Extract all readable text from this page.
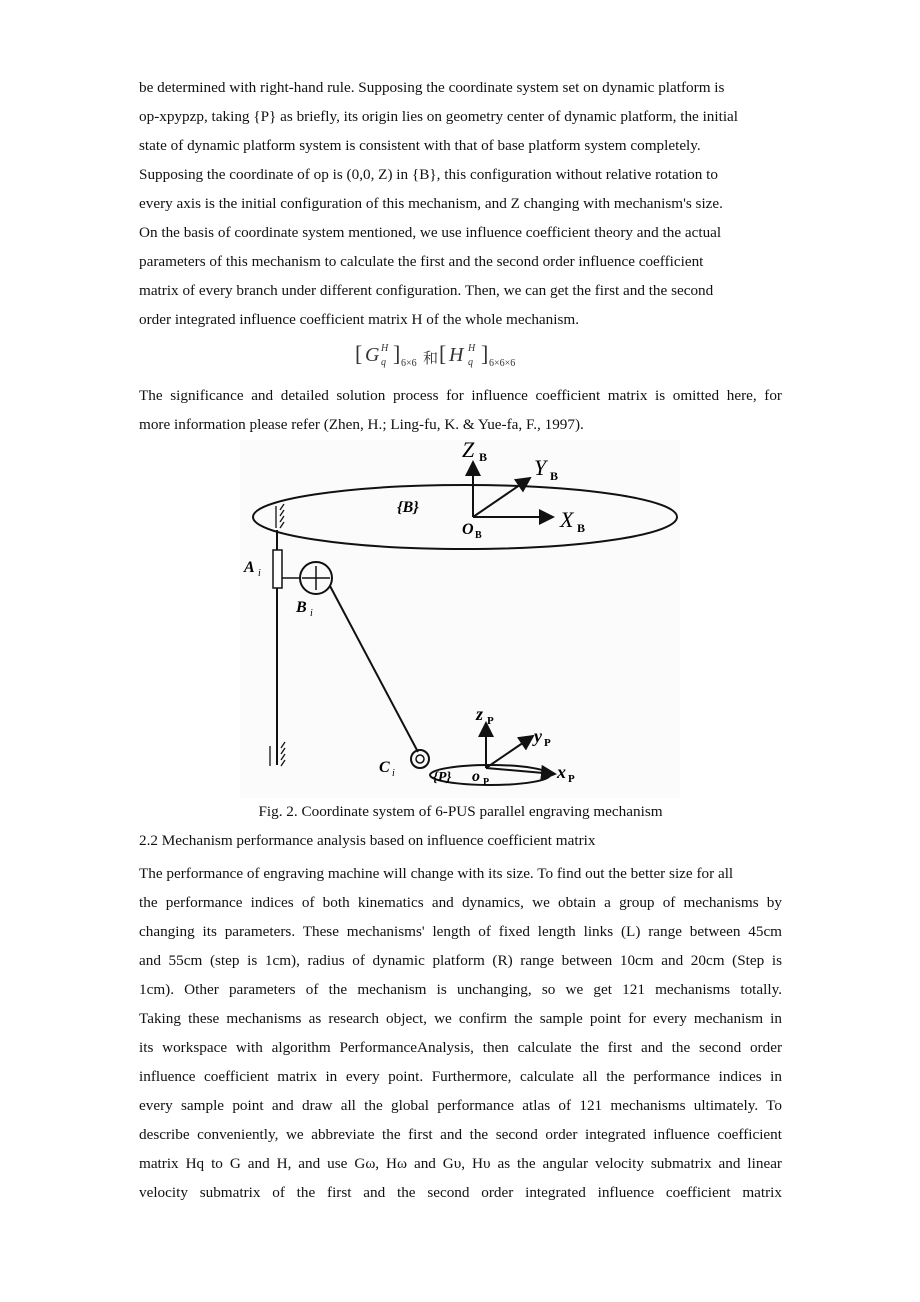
be determined with right-hand rule. Supposing the coordinate system set on dynamic platform is
op-xpypzp, taking {P} as briefly, its origin lies on geometry center of dynamic platform, the initial
state of dynamic platform system is consistent with that of base platform system completely.
Supposing the coordinate of op is (0,0, Z) in {B}, this configuration without relative rotation to
every axis is the initial configuration of this mechanism, and Z changing with mechanism's size.
On the basis of coordinate system mentioned, we use influence coefficient theory and the actual
parameters of this mechanism to calculate the first and the second order influence coefficient
matrix of every branch under different configuration. Then, we can get the first and the second
order integrated influence coefficient matrix H of the whole mechanism.
[ G H
q ] 6×6 和 [ H H
q ] 6×6×6
The significance and detailed solution process for influence coefficient matrix is omitted here, for
more information please refer (Zhen, H.; Ling-fu, K. & Yue-fa, F., 1997).
Z B Y B
X B
O B
{B}
A i
B i
C i
z P
y P
x P
o P
{P}
Fig. 2. Coordinate system of 6-PUS parallel engraving mechanism
2.2 Mechanism performance analysis based on influence coefficient matrix
The performance of engraving machine will change with its size. To find out the better size for all
the performance indices of both kinematics and dynamics, we obtain a group of mechanisms by
changing its parameters. These mechanisms' length of fixed length links (L) range between 45cm
and 55cm (step is 1cm), radius of dynamic platform (R) range between 10cm and 20cm (Step is
1cm). Other parameters of the mechanism is unchanging, so we get 121 mechanisms totally.
Taking these mechanisms as research object, we confirm the sample point for every mechanism in
its workspace with algorithm PerformanceAnalysis, then calculate the first and the second order
influence coefficient matrix in every point. Furthermore, calculate all the performance indices in
every sample point and draw all the global performance atlas of 121 mechanisms ultimately. To
describe conveniently, we abbreviate the first and the second order integrated influence coefficient
matrix Hq to G and H, and use Gω, Hω and Gυ, Hυ as the angular velocity submatrix and linear
velocity submatrix of the first and the second order integrated influence coefficient matrix
